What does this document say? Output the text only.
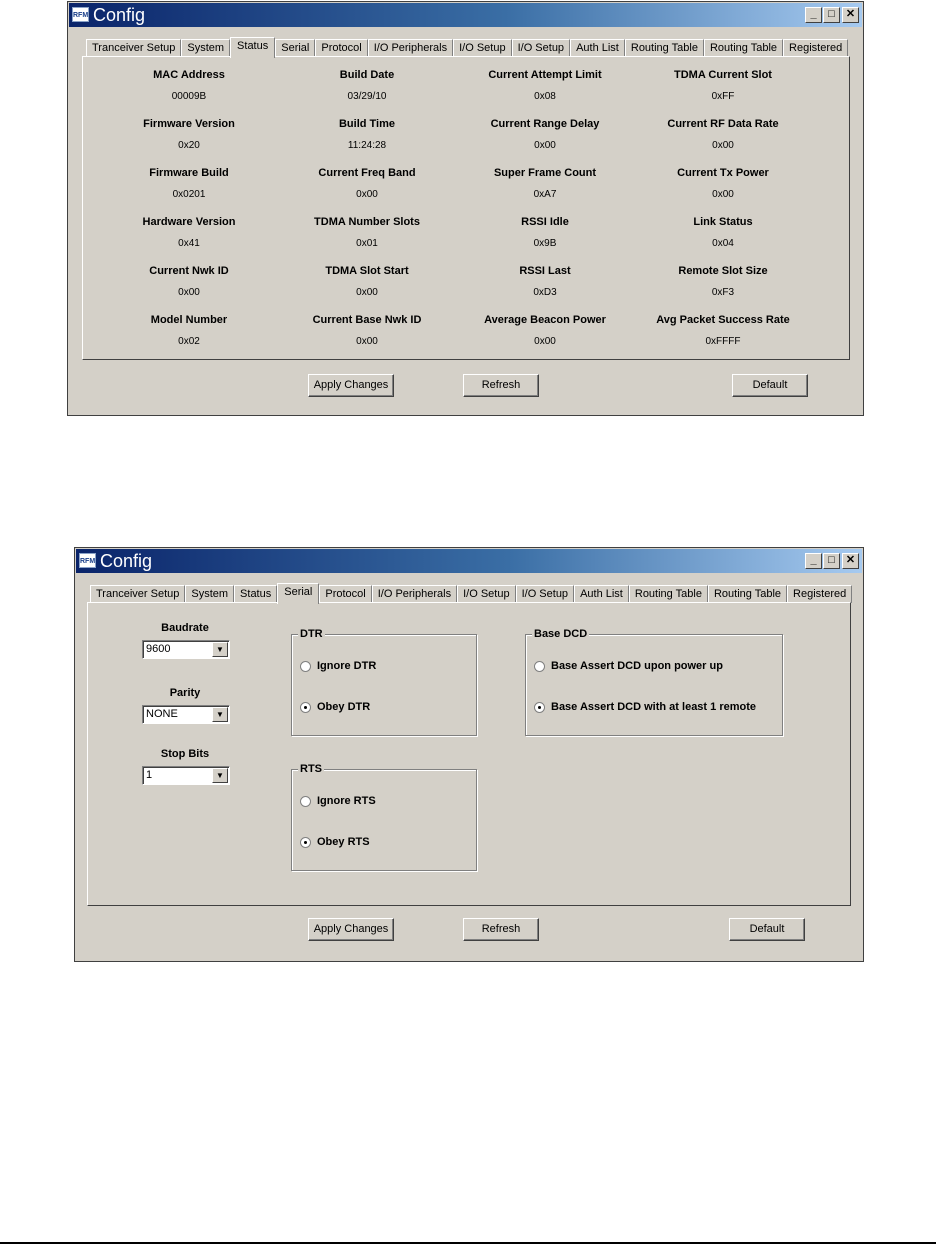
RFM Config	_	□	✕
Tranceiver Setup	System	Status	Serial	Protocol	I/O Peripherals	I/O Setup	I/O Setup	Auth List	Routing Table	Routing Table	Registered
MAC Address
00009B
Build Date
03/29/10
Current Attempt Limit
0x08
TDMA Current Slot
0xFF
Firmware Version
0x20
Build Time
11:24:28
Current Range Delay
0x00
Current RF Data Rate
0x00
Firmware Build
0x0201
Current Freq Band
0x00
Super Frame Count
0xA7
Current Tx Power
0x00
Hardware Version
0x41
TDMA Number Slots
0x01
RSSI Idle
0x9B
Link Status
0x04
Current Nwk ID
0x00
TDMA Slot Start
0x00
RSSI Last
0xD3
Remote Slot Size
0xF3
Model Number
0x02
Current Base Nwk ID
0x00
Average Beacon Power
0x00
Avg Packet Success Rate
0xFFFF
Apply Changes	Refresh	Default
RFM Config	_	□	✕
Tranceiver Setup	System	Status	Serial	Protocol	I/O Peripherals	I/O Setup	I/O Setup	Auth List	Routing Table	Routing Table	Registered
Baudrate
9600	▼
Parity
NONE	▼
Stop Bits
1	▼
DTR
Ignore DTR
Obey DTR
RTS
Ignore RTS
Obey RTS
Base DCD
Base Assert DCD upon power up
Base Assert DCD with at least 1 remote
Apply Changes	Refresh	Default
